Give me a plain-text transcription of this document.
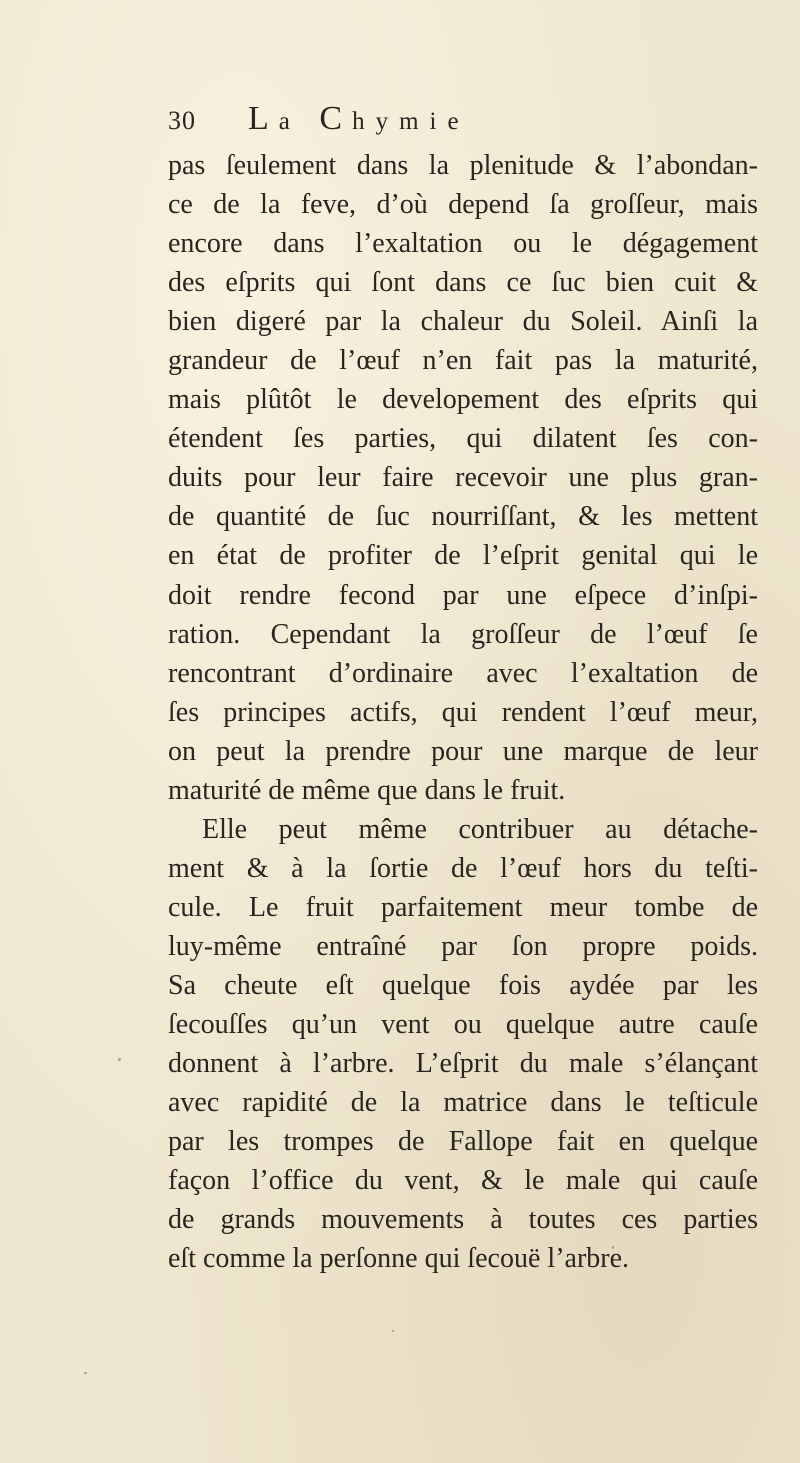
30 La Chymie
pas ſeulement dans la plenitude & l’abondan-
ce de la feve, d’où depend ſa groſſeur, mais
encore dans l’exaltation ou le dégagement
des eſprits qui ſont dans ce ſuc bien cuit &
bien digeré par la chaleur du Soleil. Ainſi la
grandeur de l’œuf n’en fait pas la maturité,
mais plûtôt le developement des eſprits qui
étendent ſes parties, qui dilatent ſes con-
duits pour leur faire recevoir une plus gran-
de quantité de ſuc nourriſſant, & les mettent
en état de profiter de l’eſprit genital qui le
doit rendre fecond par une eſpece d’inſpi-
ration. Cependant la groſſeur de l’œuf ſe
rencontrant d’ordinaire avec l’exaltation de
ſes principes actifs, qui rendent l’œuf meur,
on peut la prendre pour une marque de leur
maturité de même que dans le fruit.
Elle peut même contribuer au détache-
ment & à la ſortie de l’œuf hors du teſti-
cule. Le fruit parfaitement meur tombe de
luy-même entraîné par ſon propre poids.
Sa cheute eſt quelque fois aydée par les
ſecouſſes qu’un vent ou quelque autre cauſe
donnent à l’arbre. L’eſprit du male s’élançant
avec rapidité de la matrice dans le teſticule
par les trompes de Fallope fait en quelque
façon l’office du vent, & le male qui cauſe
de grands mouvements à toutes ces parties
eſt comme la perſonne qui ſecouë l’arbre.
